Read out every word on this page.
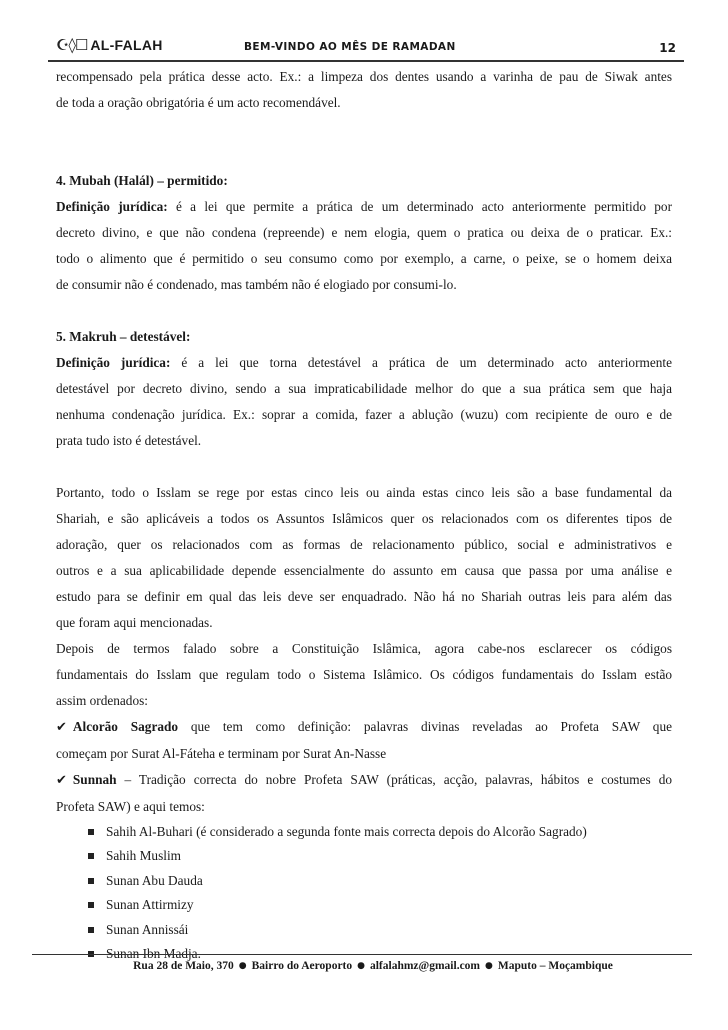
☪◊☐ AL-FALAH	BEM-VINDO AO MÊS DE RAMADAN	12

recompensado pela prática desse acto. Ex.: a limpeza dos dentes usando a varinha de pau de Siwak antes

de toda a oração obrigatória é um acto recomendável.

4. Mubah (Halál) – permitido:

Definição jurídica: é a lei que permite a prática de um determinado acto anteriormente permitido por

decreto divino, e que não condena (repreende) e nem elogia, quem o pratica ou deixa de o praticar. Ex.:

todo o alimento que é permitido o seu consumo como por exemplo, a carne, o peixe, se o homem deixa

de consumir não é condenado, mas também não é elogiado por consumi-lo.

5. Makruh – detestável:

Definição jurídica: é a lei que torna detestável a prática de um determinado acto anteriormente

detestável por decreto divino, sendo a sua impraticabilidade melhor do que a sua prática sem que haja

nenhuma condenação jurídica. Ex.: soprar a comida, fazer a ablução (wuzu) com recipiente de ouro e de

prata tudo isto é detestável.

Portanto, todo o Isslam se rege por estas cinco leis ou ainda estas cinco leis são a base fundamental da

Shariah, e são aplicáveis a todos os Assuntos Islâmicos quer os relacionados com os diferentes tipos de

adoração, quer os relacionados com as formas de relacionamento público, social e administrativos e

outros e a sua aplicabilidade depende essencialmente do assunto em causa que passa por uma análise e

estudo para se definir em qual das leis deve ser enquadrado. Não há no Shariah outras leis para além das

que foram aqui mencionadas.

Depois de termos falado sobre a Constituição Islâmica, agora cabe-nos esclarecer os códigos

fundamentais do Isslam que regulam todo o Sistema Islâmico. Os códigos fundamentais do Isslam estão

assim ordenados:

✔ Alcorão Sagrado que tem como definição: palavras divinas reveladas ao Profeta SAW que

começam por Surat Al-Fáteha e terminam por Surat An-Nasse

✔ Sunnah – Tradição correcta do nobre Profeta SAW (práticas, acção, palavras, hábitos e costumes do

Profeta SAW) e aqui temos:

Sahih Al-Buhari (é considerado a segunda fonte mais correcta depois do Alcorão Sagrado)
Sahih Muslim
Sunan Abu Dauda
Sunan Attirmizy
Sunan Annissái
Sunan Ibn Madja.
Rua 28 de Maio, 370 ● Bairro do Aeroporto ● alfalahmz@gmail.com ● Maputo – Moçambique
